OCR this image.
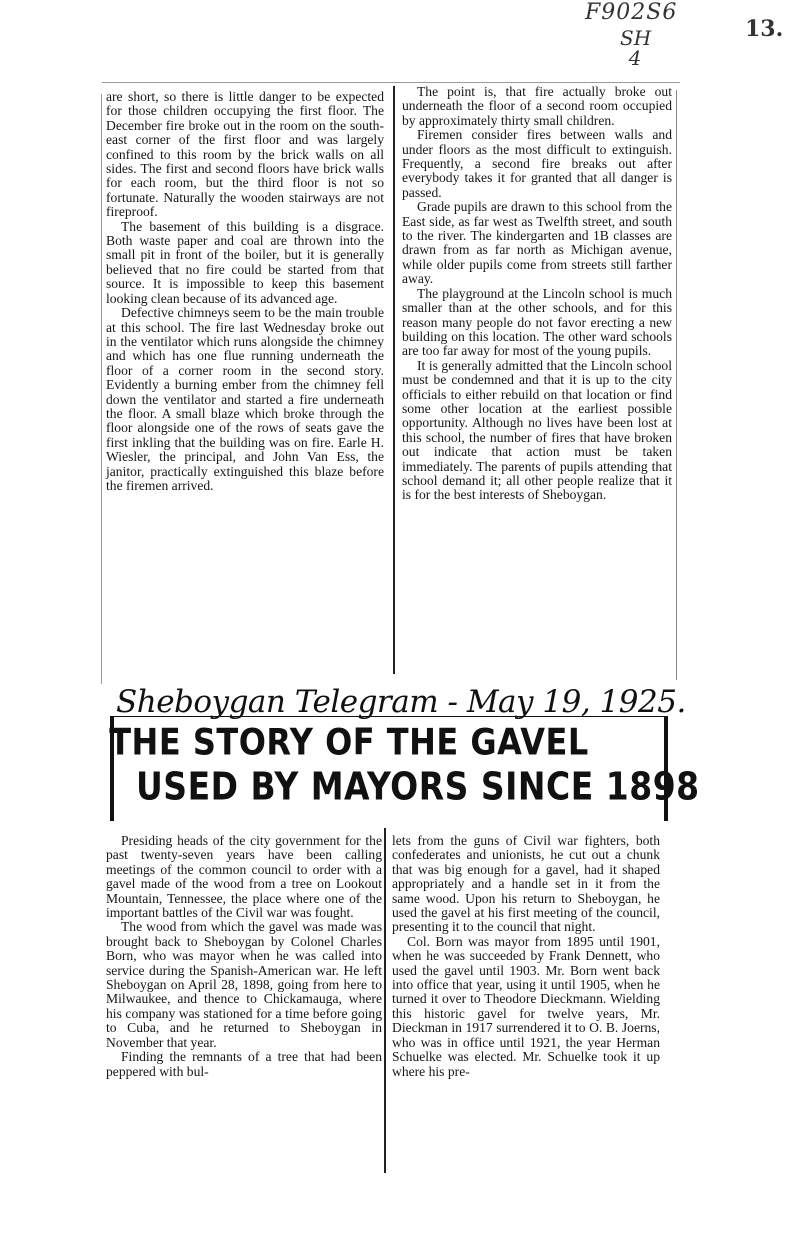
F902S6
SH
4
13.

are short, so there is little danger to be expected for those children occupying the first floor. The December fire broke out in the room on the south-east corner of the first floor and was largely confined to this room by the brick walls on all sides. The first and second floors have brick walls for each room, but the third floor is not so fortunate. Naturally the wooden stairways are not fireproof.

The basement of this building is a disgrace. Both waste paper and coal are thrown into the small pit in front of the boiler, but it is generally believed that no fire could be started from that source. It is impossible to keep this basement looking clean because of its advanced age.

Defective chimneys seem to be the main trouble at this school. The fire last Wednesday broke out in the ventilator which runs alongside the chimney and which has one flue running underneath the floor of a corner room in the second story. Evidently a burning ember from the chimney fell down the ventilator and started a fire underneath the floor. A small blaze which broke through the floor alongside one of the rows of seats gave the first inkling that the building was on fire. Earle H. Wiesler, the principal, and John Van Ess, the janitor, practically extinguished this blaze before the firemen arrived.

The point is, that fire actually broke out underneath the floor of a second room occupied by approximately thirty small children.

Firemen consider fires between walls and under floors as the most difficult to extinguish. Frequently, a second fire breaks out after everybody takes it for granted that all danger is passed.

Grade pupils are drawn to this school from the East side, as far west as Twelfth street, and south to the river. The kindergarten and 1B classes are drawn from as far north as Michigan avenue, while older pupils come from streets still farther away.

The playground at the Lincoln school is much smaller than at the other schools, and for this reason many people do not favor erecting a new building on this location. The other ward schools are too far away for most of the young pupils.

It is generally admitted that the Lincoln school must be condemned and that it is up to the city officials to either rebuild on that location or find some other location at the earliest possible opportunity. Although no lives have been lost at this school, the number of fires that have broken out indicate that action must be taken immediately. The parents of pupils attending that school demand it; all other people realize that it is for the best interests of Sheboygan.

Sheboygan Telegram - May 19, 1925.
THE STORY OF THE GAVEL
USED BY MAYORS SINCE 1898

Presiding heads of the city government for the past twenty-seven years have been calling meetings of the common council to order with a gavel made of the wood from a tree on Lookout Mountain, Tennessee, the place where one of the important battles of the Civil war was fought.

The wood from which the gavel was made was brought back to Sheboygan by Colonel Charles Born, who was mayor when he was called into service during the Spanish-American war. He left Sheboygan on April 28, 1898, going from here to Milwaukee, and thence to Chickamauga, where his company was stationed for a time before going to Cuba, and he returned to Sheboygan in November that year.

Finding the remnants of a tree that had been peppered with bul-

lets from the guns of Civil war fighters, both confederates and unionists, he cut out a chunk that was big enough for a gavel, had it shaped appropriately and a handle set in it from the same wood. Upon his return to Sheboygan, he used the gavel at his first meeting of the council, presenting it to the council that night.

Col. Born was mayor from 1895 until 1901, when he was succeeded by Frank Dennett, who used the gavel until 1903. Mr. Born went back into office that year, using it until 1905, when he turned it over to Theodore Dieckmann. Wielding this historic gavel for twelve years, Mr. Dieckman in 1917 surrendered it to O. B. Joerns, who was in office until 1921, the year Herman Schuelke was elected. Mr. Schuelke took it up where his pre-
